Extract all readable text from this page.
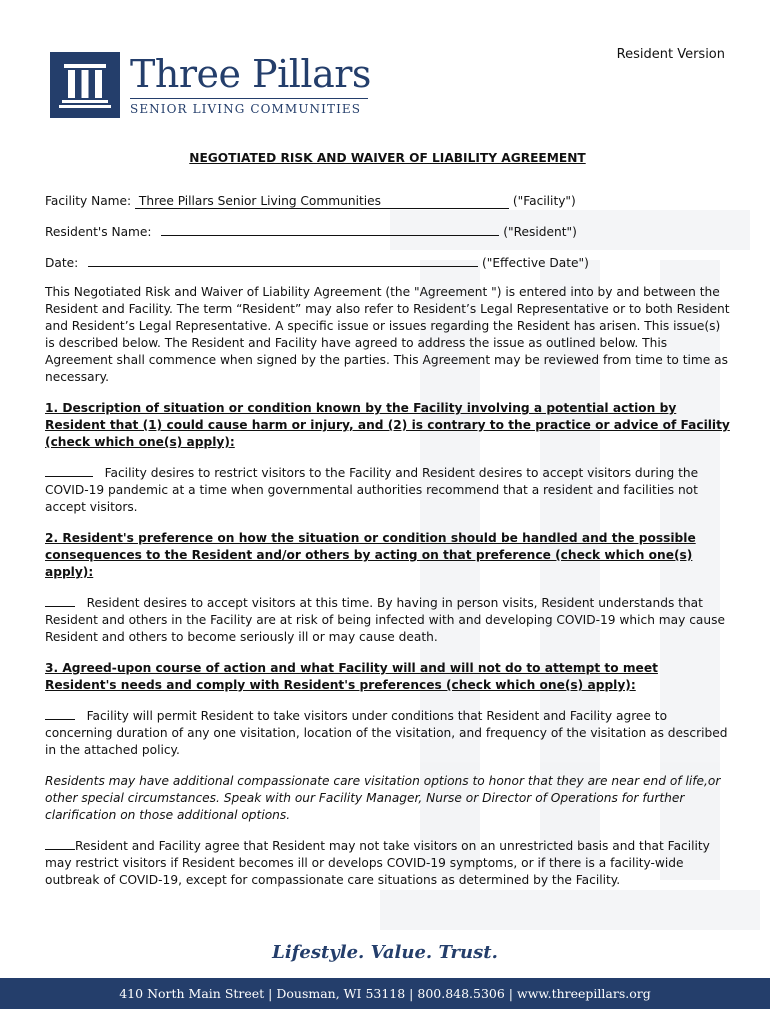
Three Pillars
SENIOR LIVING COMMUNITIES
Resident Version
NEGOTIATED RISK AND WAIVER OF LIABILITY AGREEMENT
Facility Name: Three Pillars Senior Living Communities	("Facility")
Resident's Name:	("Resident")
Date:	("Effective Date")

This Negotiated Risk and Waiver of Liability Agreement (the "Agreement ") is entered into by and between the Resident and Facility. The term “Resident” may also refer to Resident’s Legal Representative or to both Resident and Resident’s Legal Representative. A specific issue or issues regarding the Resident has arisen. This issue(s) is described below. The Resident and Facility have agreed to address the issue as outlined below. This Agreement shall commence when signed by the parties. This Agreement may be reviewed from time to time as necessary.

1. Description of situation or condition known by the Facility involving a potential action by Resident that (1) could cause harm or injury, and (2) is contrary to the practice or advice of Facility (check which one(s) apply):

Facility desires to restrict visitors to the Facility and Resident desires to accept visitors during the COVID-19 pandemic at a time when governmental authorities recommend that a resident and facilities not accept visitors.

2. Resident's preference on how the situation or condition should be handled and the possible consequences to the Resident and/or others by acting on that preference (check which one(s) apply):

Resident desires to accept visitors at this time. By having in person visits, Resident understands that Resident and others in the Facility are at risk of being infected with and developing COVID-19 which may cause Resident and others to become seriously ill or may cause death.

3. Agreed-upon course of action and what Facility will and will not do to attempt to meet Resident's needs and comply with Resident's preferences (check which one(s) apply):

Facility will permit Resident to take visitors under conditions that Resident and Facility agree to concerning duration of any one visitation, location of the visitation, and frequency of the visitation as described in the attached policy.

Residents may have additional compassionate care visitation options to honor that they are near end of life,or other special circumstances. Speak with our Facility Manager, Nurse or Director of Operations for further clarification on those additional options.

Resident and Facility agree that Resident may not take visitors on an unrestricted basis and that Facility may restrict visitors if Resident becomes ill or develops COVID-19 symptoms, or if there is a facility-wide outbreak of COVID-19, except for compassionate care situations as determined by the Facility.

Lifestyle. Value. Trust.
410 North Main Street | Dousman, WI 53118 | 800.848.5306 | www.threepillars.org
